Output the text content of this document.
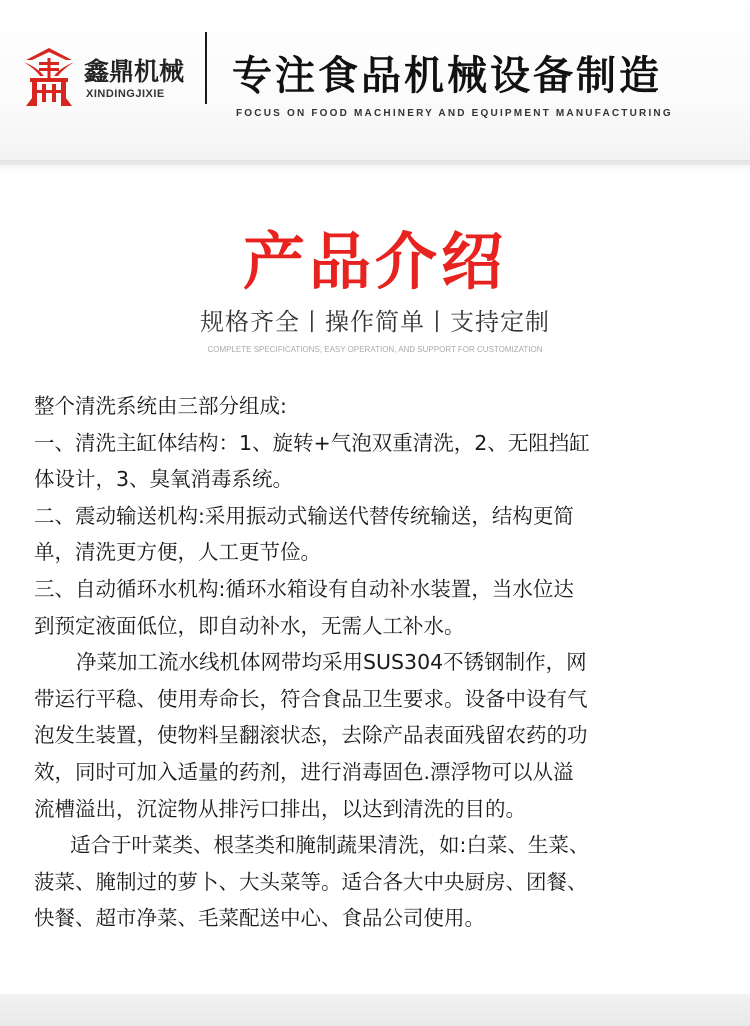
鑫鼎机械
XINDINGJIXIE 专注食品机械设备制造
FOCUS ON FOOD MACHINERY AND EQUIPMENT MANUFACTURING
产品介绍
规格齐全丨操作简单丨支持定制
COMPLETE SPECIFICATIONS, EASY OPERATION, AND SUPPORT FOR CUSTOMIZATION
整个清洗系统由三部分组成:
一、清洗主缸体结构：1、旋转+气泡双重清洗，2、无阻挡缸
体设计，3、臭氧消毒系统。
二、震动输送机构:采用振动式输送代替传统输送，结构更简
单，清洗更方便，人工更节俭。
三、自动循环水机构:循环水箱设有自动补水装置，当水位达
到预定液面低位，即自动补水，无需人工补水。
净菜加工流水线机体网带均采用SUS304不锈钢制作，网
带运行平稳、使用寿命长，符合食品卫生要求。设备中设有气
泡发生装置，使物料呈翻滚状态，去除产品表面残留农药的功
效，同时可加入适量的药剂，进行消毒固色.漂浮物可以从溢
流槽溢出，沉淀物从排污口排出，以达到清洗的目的。
适合于叶菜类、根茎类和腌制蔬果清洗，如:白菜、生菜、
菠菜、腌制过的萝卜、大头菜等。适合各大中央厨房、团餐、
快餐、超市净菜、毛菜配送中心、食品公司使用。
